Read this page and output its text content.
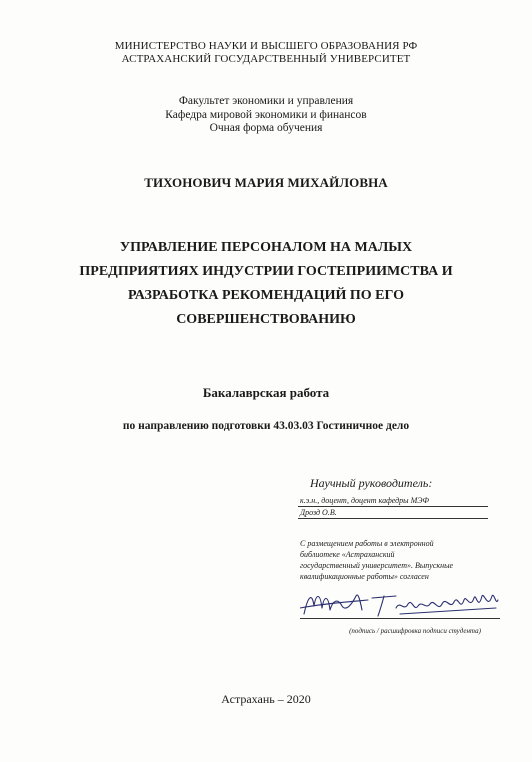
МИНИСТЕРСТВО НАУКИ И ВЫСШЕГО ОБРАЗОВАНИЯ РФ
АСТРАХАНСКИЙ ГОСУДАРСТВЕННЫЙ УНИВЕРСИТЕТ
Факультет экономики и управления
Кафедра мировой экономики и финансов
Очная форма обучения
ТИХОНОВИЧ МАРИЯ МИХАЙЛОВНА
УПРАВЛЕНИЕ ПЕРСОНАЛОМ НА МАЛЫХ
ПРЕДПРИЯТИЯХ ИНДУСТРИИ ГОСТЕПРИИМСТВА И
РАЗРАБОТКА РЕКОМЕНДАЦИЙ ПО ЕГО
СОВЕРШЕНСТВОВАНИЮ
Бакалаврская работа
по направлению подготовки 43.03.03 Гостиничное дело
Научный руководитель:
к.э.н., доцент, доцент кафедры МЭФ
Дрозд О.В.
С размещением работы в электронной
библиотеке «Астраханский
государственный университет». Выпускные
квалификационные работы» согласен
(подпись / расшифровка подписи студента)
Астрахань – 2020
